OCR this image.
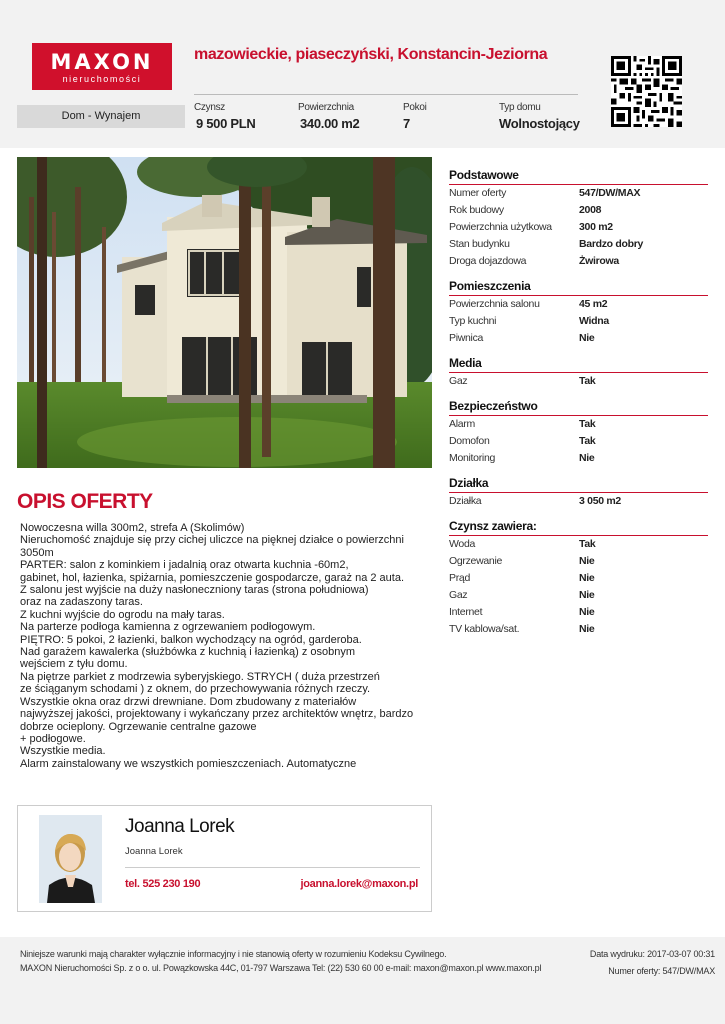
MAXON
nieruchomości
mazowieckie, piaseczyński, Konstancin-Jeziorna
Dom - Wynajem
Czynsz
9 500 PLN
Powierzchnia
340.00 m2
Pokoi
7
Typ domu
Wolnostojący
Podstawowe
Numer oferty	547/DW/MAX
Rok budowy	2008
Powierzchnia użytkowa	300 m2
Stan budynku	Bardzo dobry
Droga dojazdowa	Żwirowa
Pomieszczenia
Powierzchnia salonu	45 m2
Typ kuchni	Widna
Piwnica	Nie
Media
Gaz	Tak
Bezpieczeństwo
Alarm	Tak
Domofon	Tak
Monitoring	Nie
Działka
Działka	3 050 m2
Czynsz zawiera:
Woda	Tak
Ogrzewanie	Nie
Prąd	Nie
Gaz	Nie
Internet	Nie
TV kablowa/sat.	Nie
OPIS OFERTY
Nowoczesna willa 300m2, strefa A (Skolimów)
Nieruchomość znajduje się przy cichej uliczce na pięknej działce o powierzchni 3050m
PARTER: salon z kominkiem i jadalnią oraz otwarta kuchnia -60m2,
gabinet, hol, łazienka, spiżarnia, pomieszczenie gospodarcze, garaż na 2 auta.
Z salonu jest wyjście na duży nasłoneczniony taras (strona południowa)
oraz na zadaszony taras.
Z kuchni wyjście do ogrodu na mały taras.
Na parterze podłoga kamienna z ogrzewaniem podłogowym.
PIĘTRO: 5 pokoi, 2 łazienki, balkon wychodzący na ogród, garderoba.
Nad garażem kawalerka (służbówka z kuchnią i łazienką) z osobnym
wejściem z tyłu domu.
Na piętrze parkiet z modrzewia syberyjskiego. STRYCH ( duża przestrzeń
ze ściąganym schodami ) z oknem, do przechowywania różnych rzeczy.
Wszystkie okna oraz drzwi drewniane. Dom zbudowany z materiałów
najwyższej jakości, projektowany i wykańczany przez architektów wnętrz, bardzo dobrze ocieplony. Ogrzewanie centralne gazowe
+ podłogowe.
Wszystkie media.
Alarm zainstalowany we wszystkich pomieszczeniach. Automatyczne
Joanna Lorek
Joanna Lorek
tel. 525 230 190	joanna.lorek@maxon.pl
Niniejsze warunki mają charakter wyłącznie informacyjny i nie stanowią oferty w rozumieniu Kodeksu Cywilnego.
MAXON Nieruchomości Sp. z o o. ul. Powązkowska 44C, 01-797 Warszawa Tel: (22) 530 60 00 e-mail: maxon@maxon.pl www.maxon.pl
Data wydruku: 2017-03-07 00:31
Numer oferty: 547/DW/MAX
